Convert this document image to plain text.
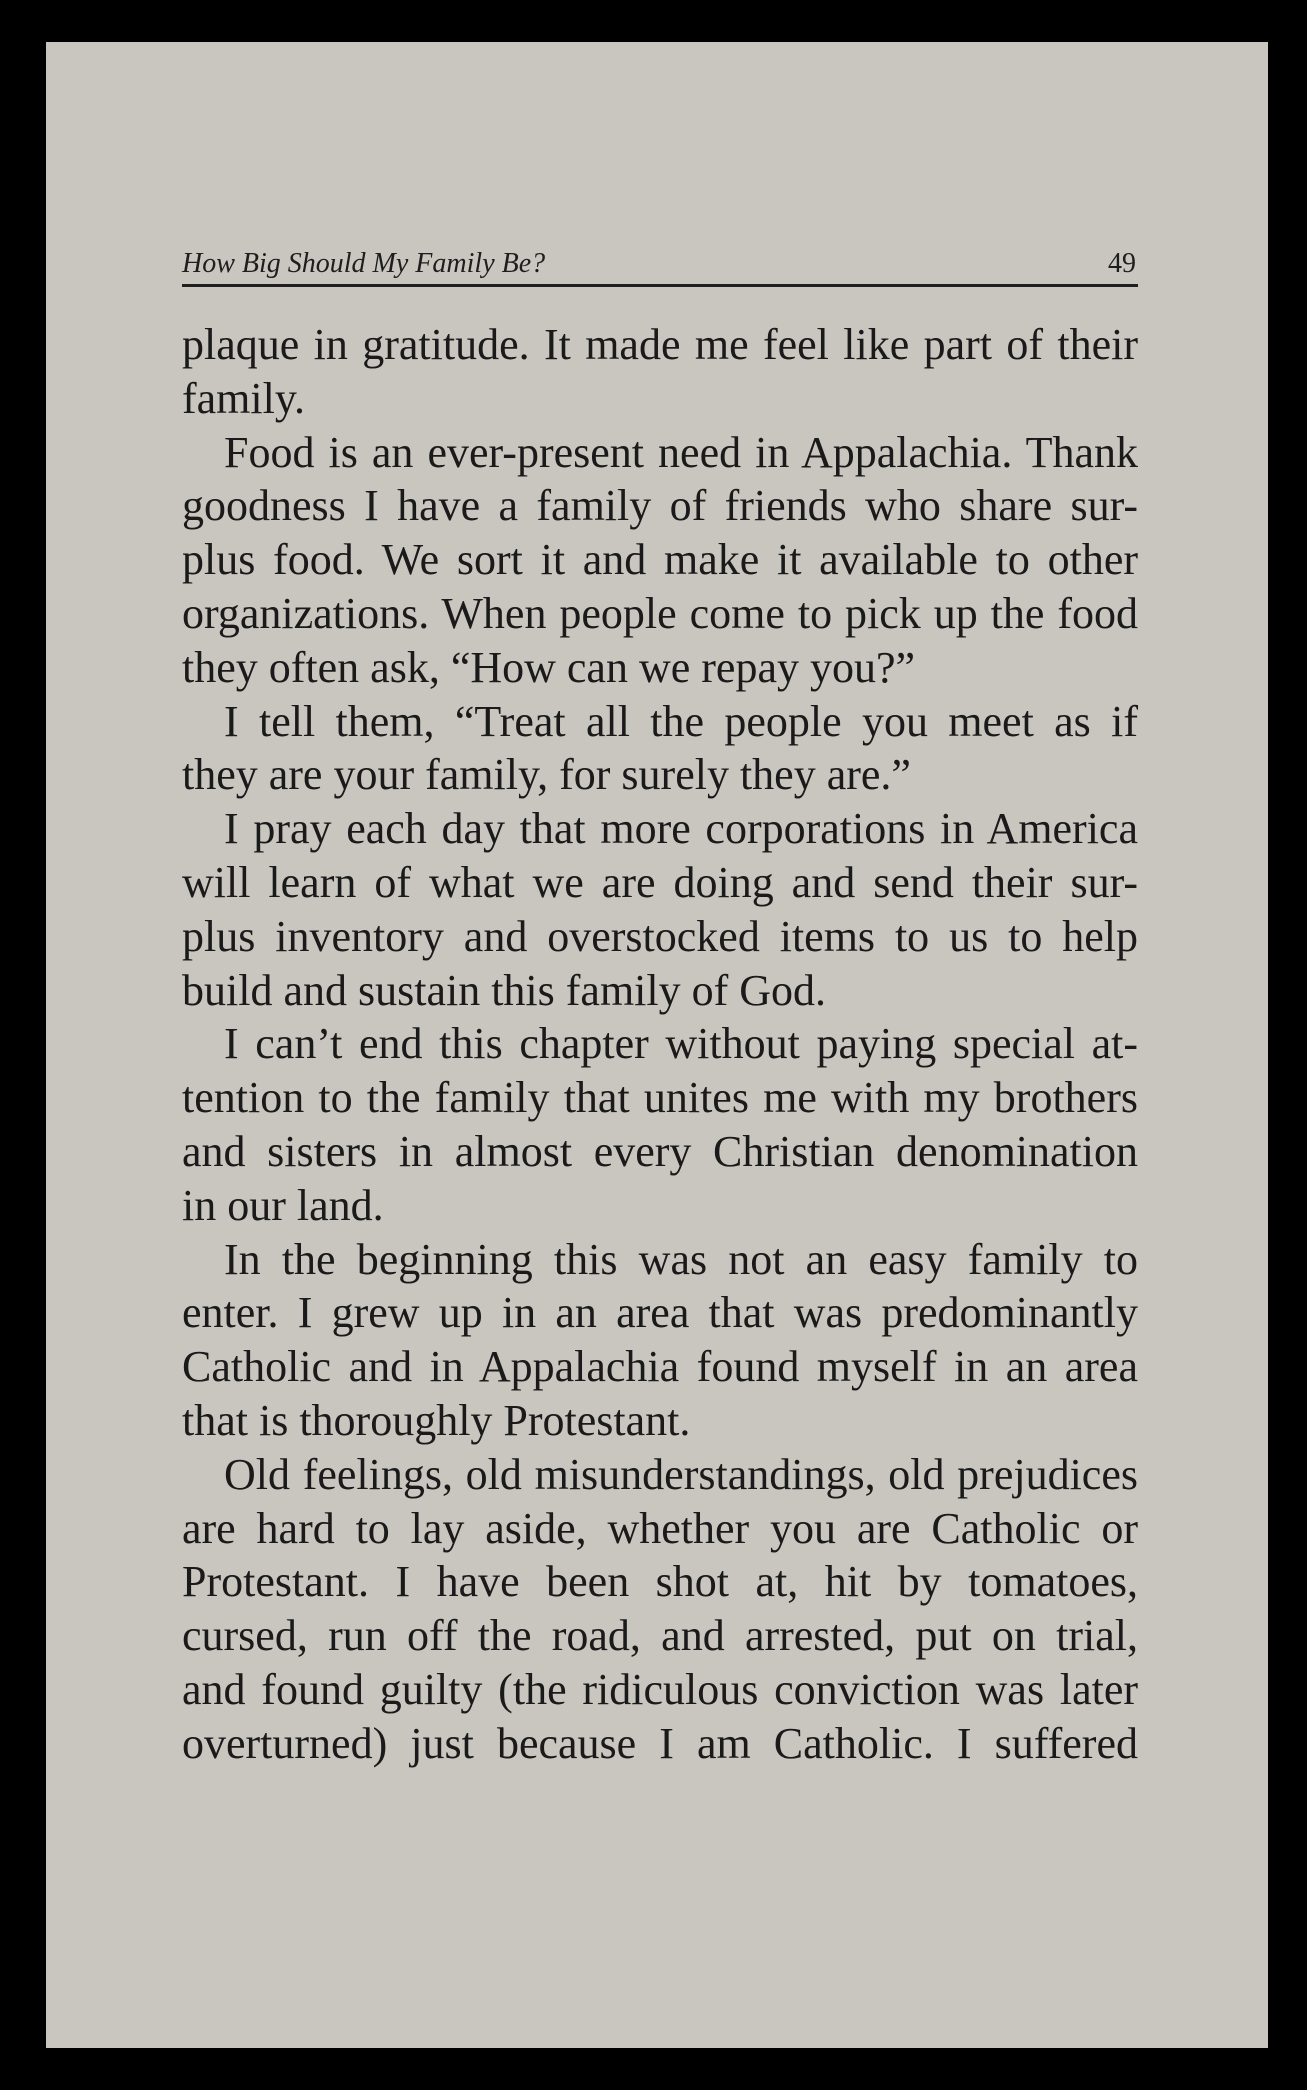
How Big Should My Family Be?	49
plaque in gratitude. It made me feel like part of their
family.
Food is an ever-present need in Appalachia. Thank
goodness I have a family of friends who share sur-
plus food. We sort it and make it available to other
organizations. When people come to pick up the food
they often ask, “How can we repay you?”
I tell them, “Treat all the people you meet as if
they are your family, for surely they are.”
I pray each day that more corporations in America
will learn of what we are doing and send their sur-
plus inventory and overstocked items to us to help
build and sustain this family of God.
I can’t end this chapter without paying special at-
tention to the family that unites me with my brothers
and sisters in almost every Christian denomination
in our land.
In the beginning this was not an easy family to
enter. I grew up in an area that was predominantly
Catholic and in Appalachia found myself in an area
that is thoroughly Protestant.
Old feelings, old misunderstandings, old prejudices
are hard to lay aside, whether you are Catholic or
Protestant. I have been shot at, hit by tomatoes,
cursed, run off the road, and arrested, put on trial,
and found guilty (the ridiculous conviction was later
overturned) just because I am Catholic. I suffered
